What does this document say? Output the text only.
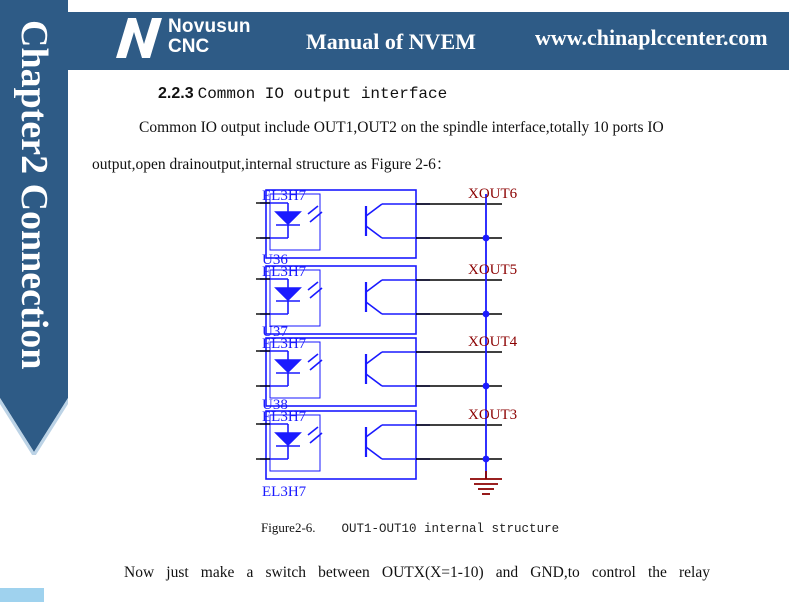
Chapter2 Connection	Novusun
CNC	Manual of NVEM	www.chinaplccenter.com
2.2.3 Common IO output interface
Common IO output include OUT1,OUT2 on the spindle interface,totally 10 ports IO
output,open drainoutput,internal structure as Figure 2-6：
EL3H7
EL3H7
EL3H7
EL3H7
EL3H7
U36
U37
U38
XOUT6
XOUT5
XOUT4
XOUT3
Figure2-6. OUT1-OUT10 internal structure
Now just make a switch between OUTX(X=1-10) and GND,to control the relay
